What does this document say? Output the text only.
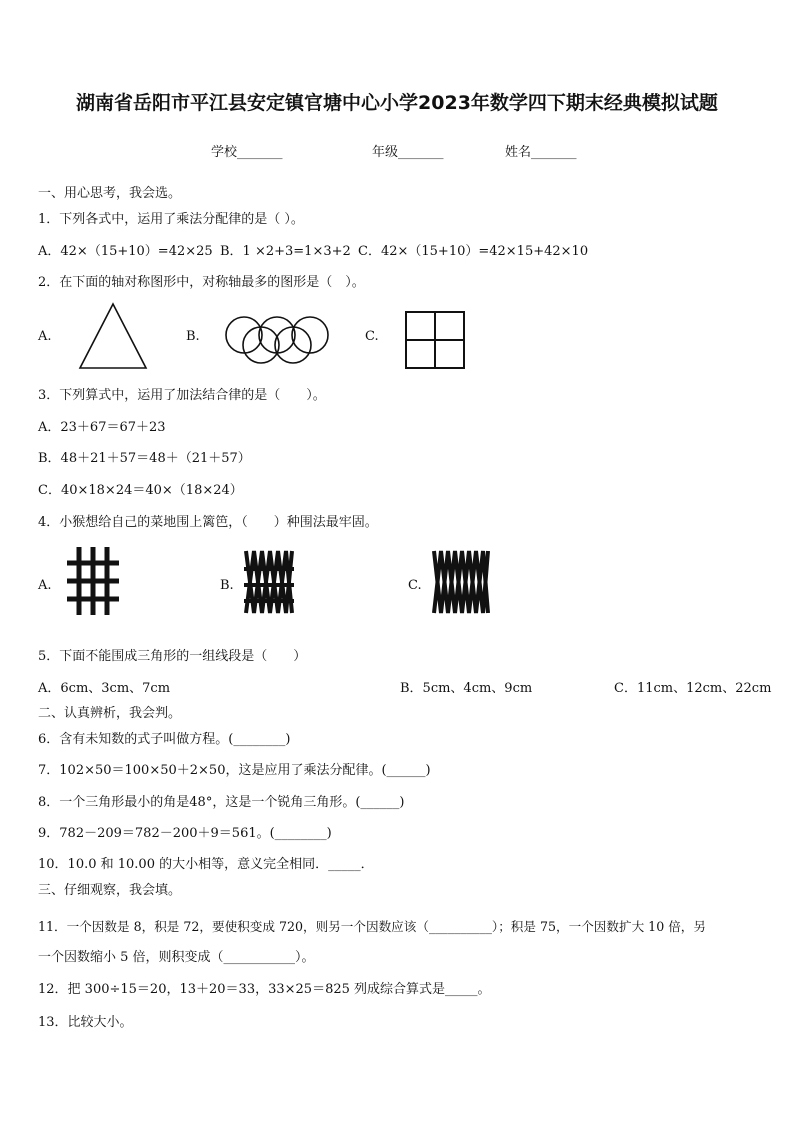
湖南省岳阳市平江县安定镇官塘中心小学2023年数学四下期末经典模拟试题
学校_______	年级_______	姓名_______
一、用心思考，我会选。
1．下列各式中，运用了乘法分配律的是（ ）。
A．42×（15+10）=42×25 B．1 ×2+3=1×3+2 C．42×（15+10）=42×15+42×10
2．在下面的轴对称图形中，对称轴最多的图形是（　）。
A.	B.	C.
3．下列算式中，运用了加法结合律的是（　　）。
A．23＋67＝67＋23
B．48＋21＋57＝48＋（21＋57）
C．40×18×24＝40×（18×24）
4．小猴想给自己的菜地围上篱笆，（　　）种围法最牢固。
A.	B.	C.
5．下面不能围成三角形的一组线段是（　　）
A．6cm、3cm、7cm	B．5cm、4cm、9cm	C．11cm、12cm、22cm
二、认真辨析，我会判。
6．含有未知数的式子叫做方程。(________)
7．102×50＝100×50＋2×50，这是应用了乘法分配律。(______)
8．一个三角形最小的角是48°，这是一个锐角三角形。(______)
9．782－209＝782－200＋9＝561。(________)
10．10.0 和 10.00 的大小相等，意义完全相同．_____．
三、仔细观察，我会填。
11．一个因数是 8，积是 72，要使积变成 720，则另一个因数应该（__________）；积是 75，一个因数扩大 10 倍，另
一个因数缩小 5 倍，则积变成（___________）。
12．把 300÷15＝20，13＋20＝33，33×25＝825 列成综合算式是_____。
13．比较大小。
